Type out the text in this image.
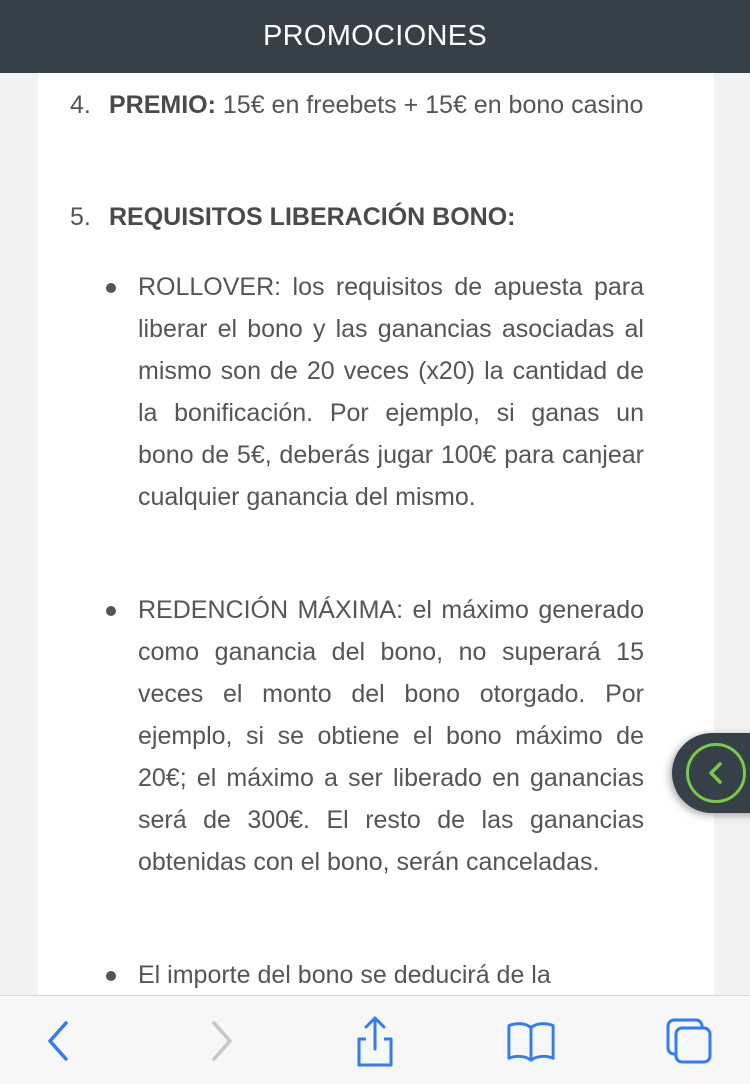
PROMOCIONES
4. PREMIO: 15€ en freebets + 15€ en bono casino
5. REQUISITOS LIBERACIÓN BONO:
ROLLOVER: los requisitos de apuesta para liberar el bono y las ganancias asociadas al mismo son de 20 veces (x20) la cantidad de la bonificación. Por ejemplo, si ganas un bono de 5€, deberás jugar 100€ para canjear cualquier ganancia del mismo.
REDENCIÓN MÁXIMA: el máximo generado como ganancia del bono, no superará 15 veces el monto del bono otorgado. Por ejemplo, si se obtiene el bono máximo de 20€; el máximo a ser liberado en ganancias será de 300€. El resto de las ganancias obtenidas con el bono, serán canceladas.
El importe del bono se deducirá de la
